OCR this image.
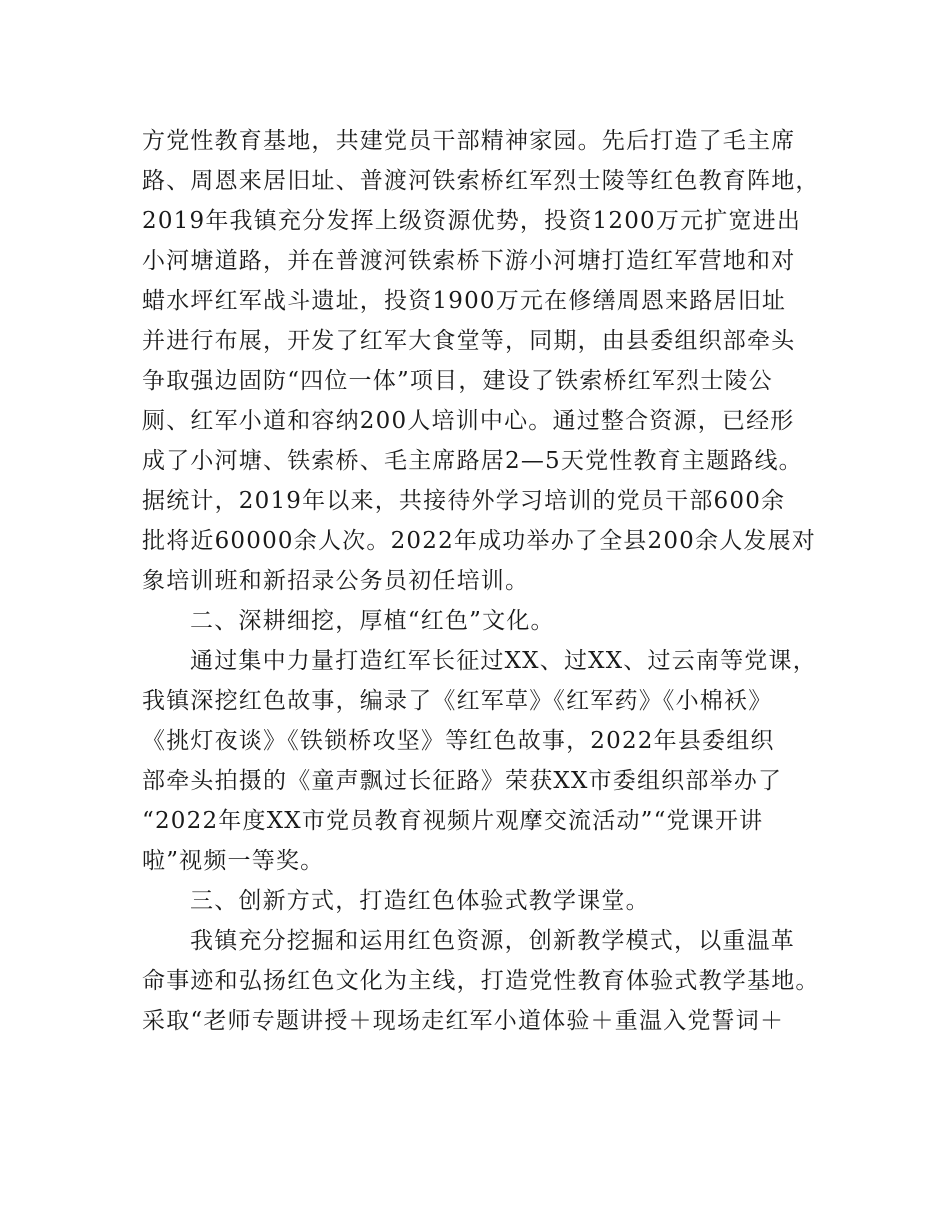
方党性教育基地，共建党员干部精神家园。先后打造了毛主席
路、周恩来居旧址、普渡河铁索桥红军烈士陵等红色教育阵地，
2019年我镇充分发挥上级资源优势，投资1200万元扩宽进出
小河塘道路，并在普渡河铁索桥下游小河塘打造红军营地和对
蜡水坪红军战斗遗址，投资1900万元在修缮周恩来路居旧址
并进行布展，开发了红军大食堂等，同期，由县委组织部牵头
争取强边固防“四位一体”项目，建设了铁索桥红军烈士陵公
厕、红军小道和容纳200人培训中心。通过整合资源，已经形
成了小河塘、铁索桥、毛主席路居2—5天党性教育主题路线。
据统计，2019年以来，共接待外学习培训的党员干部600余
批将近60000余人次。2022年成功举办了全县200余人发展对
象培训班和新招录公务员初任培训。
二、深耕细挖，厚植“红色”文化。
通过集中力量打造红军长征过XX、过XX、过云南等党课，
我镇深挖红色故事，编录了《红军草》《红军药》《小棉袄》
《挑灯夜谈》《铁锁桥攻坚》等红色故事，2022年县委组织
部牵头拍摄的《童声飘过长征路》荣获XX市委组织部举办了
“2022年度XX市党员教育视频片观摩交流活动”“党课开讲
啦”视频一等奖。
三、创新方式，打造红色体验式教学课堂。
我镇充分挖掘和运用红色资源，创新教学模式，以重温革
命事迹和弘扬红色文化为主线，打造党性教育体验式教学基地。
采取“老师专题讲授＋现场走红军小道体验＋重温入党誓词＋
